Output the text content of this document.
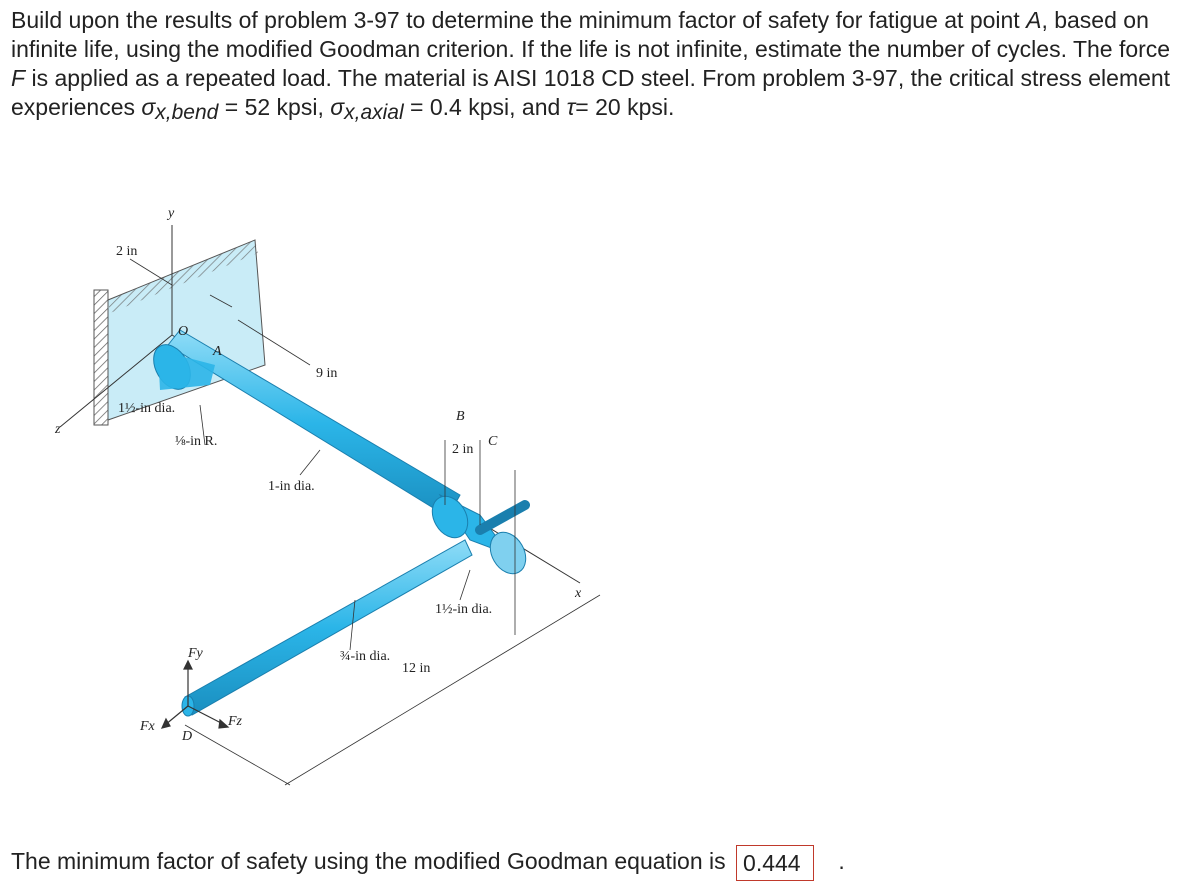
Build upon the results of problem 3-97 to determine the minimum factor of safety for fatigue at point A, based on infinite life, using the modified Goodman criterion. If the life is not infinite, estimate the number of cycles. The force F is applied as a repeated load. The material is AISI 1018 CD steel. From problem 3-97, the critical stress element experiences $\sigma_{x,bend} = 52$ kpsi, $\sigma_{x,axial} = 0.4$ kpsi, and τ= 20 kpsi.

y
2 in
O
A
9 in
1½-in dia.
z
⅛-in R.
1-in dia.
B
2 in
C
1½-in dia.
x
Fy	¾-in dia.
12 in
Fz
D
Fx
The minimum factor of safety using the modified Goodman equation is 0.444 .
